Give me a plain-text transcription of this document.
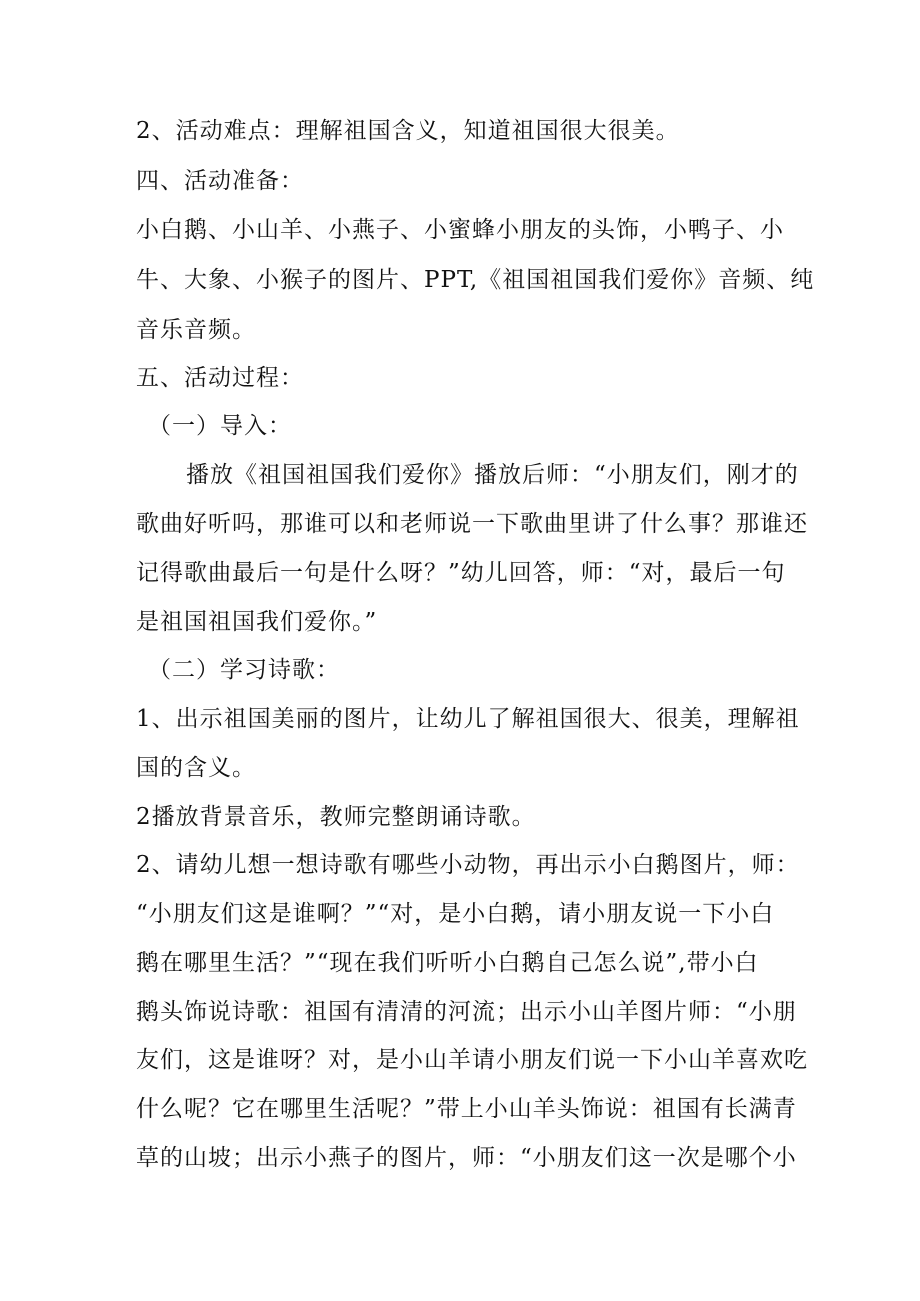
2、活动难点：理解祖国含义，知道祖国很大很美。
四、活动准备：
小白鹅、小山羊、小燕子、小蜜蜂小朋友的头饰，小鸭子、小
牛、大象、小猴子的图片、PPT,《祖国祖国我们爱你》音频、纯
音乐音频。
五、活动过程：
（一）导入：
播放《祖国祖国我们爱你》播放后师：“小朋友们，刚才的
歌曲好听吗，那谁可以和老师说一下歌曲里讲了什么事？那谁还
记得歌曲最后一句是什么呀？”幼儿回答，师：“对，最后一句
是祖国祖国我们爱你。”
（二）学习诗歌：
1、出示祖国美丽的图片，让幼儿了解祖国很大、很美，理解祖
国的含义。
2播放背景音乐，教师完整朗诵诗歌。
2、请幼儿想一想诗歌有哪些小动物，再出示小白鹅图片，师：
“小朋友们这是谁啊？”“对，是小白鹅，请小朋友说一下小白
鹅在哪里生活？”“现在我们听听小白鹅自己怎么说”,带小白
鹅头饰说诗歌：祖国有清清的河流；出示小山羊图片师：“小朋
友们，这是谁呀？对，是小山羊请小朋友们说一下小山羊喜欢吃
什么呢？它在哪里生活呢？”带上小山羊头饰说：祖国有长满青
草的山坡；出示小燕子的图片，师：“小朋友们这一次是哪个小
